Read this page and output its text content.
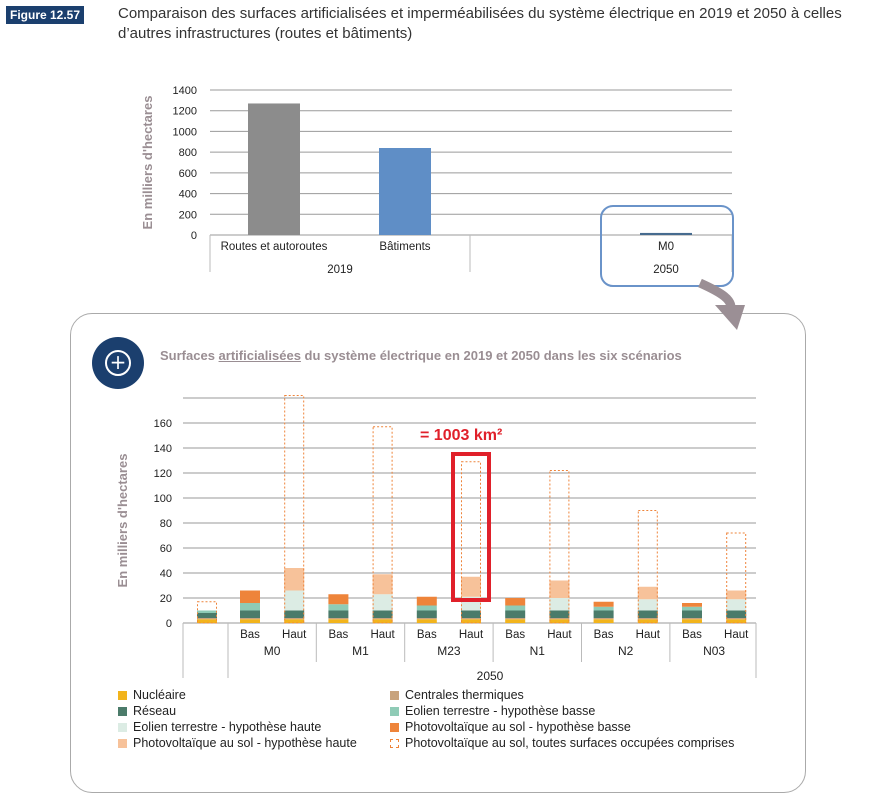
Figure 12.57	Comparaison des surfaces artificialisées et imperméabilisées du système électrique en 2019 et 2050 à celles d’autres infrastructures (routes et bâtiments)
0
200
400
600
800
1000
1200
1400
En milliers d'hectares
Routes et autoroutes	Bâtiments	M0
2019	2050
0
20
40
60
80
100
120
140
160
En milliers d'hectares
Bas Haut Bas Haut Bas Haut Bas Haut Bas Haut Bas Haut
M0	M1	M23	N1	N2	N03
2050
= 1003 km²
+	Surfaces artificialisées du système électrique en 2019 et 2050 dans les six scénarios
Nucléaire	Centrales thermiques
Réseau	Eolien terrestre - hypothèse basse
Eolien terrestre - hypothèse haute	Photovoltaïque au sol - hypothèse basse
Photovoltaïque au sol - hypothèse haute	Photovoltaïque au sol, toutes surfaces occupées comprises
